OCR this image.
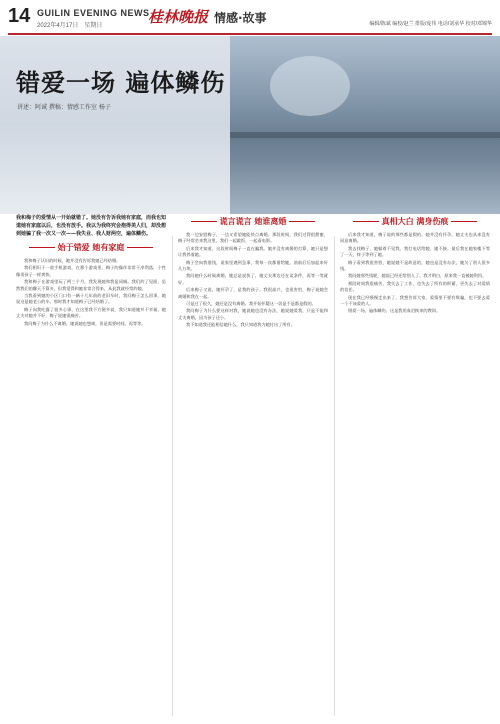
14 GUILIN EVENING NEWS
2022年4月17日 星期日	桂林晚报 情感·故事	编辑/陈斌 编校/赵兰 排版/庞伟 电话/刘承华 校对/邓锦华
错爱一场 遍体鳞伤
讲述：阿诚 撰稿：情感工作室 杨子
我和梅子的爱情从一开始就错了。她没有告诉我她有家庭，而我也知道她有家庭以后，也没有放手。我以为我终究会抱得美人归，却没想到她骗了我一次又一次——我失业、我人财两空，遍体鳞伤。
始于错爱 她有家庭
谎言谎言 她谁离婚	真相大白 满身伤痕

我和梅子认识的时候，她并没有告诉我她已经结婚。

我们相识于一款手机游戏，在那个游戏里，梅子的操作非常干净利落，个性像男孩子一样爽快。

我和梅子在游戏里玩了两三个月，我发现她和我是同城。我们约了见面，虽然我们的聊天不算多，但我觉得和她非常合得来，从此我就经常约她。

当我看到她的小区门口有一辆十几年前的老旧车时，我问梅子怎么回事，她说这是她老公的车。那时我才知道梅子已经结婚了。

梅子向我吐露了很多心事，在这里我不方便多说，我只知道她并不幸福，她丈夫对她并不好，梅子说她很痛苦。

我问梅子为什么不离婚，她说她也想离，但是需要时间，再等等。

我一边安慰梅子，一边又希望她能快点离婚。那段时间，我们过得很甜蜜，梅子经常会来我这里，我们一起做饭、一起看电影。

后来我才知道，这段时间梅子一直在骗我。她并没有离婚的打算，她只是想让我养着她。

梅子会向我借钱，说家里遇到急事，我每一次都借给她，前前后后加起来好几万块。

我问她什么时候离婚，她总是说快了，她丈夫那边还在谈条件，再等一等就好。

后来梅子又说，她怀孕了，是我的孩子。我很高兴，也很害怕，梅子说她会离婚和我在一起。

可是过了很久，她还是没有离婚。我开始怀疑这一切是不是都是假的。

我问梅子为什么要这样对我，她说她也没有办法，她说她爱我，只是不能和丈夫离婚，因为孩子还小。

我不知道我还能相信她什么，我只知道我为她付出了所有。

后来我才知道，梅子说的那些都是假的。她并没有怀孕，她丈夫也从来没有同意离婚。

我去找梅子，她躲着不见我。我打电话给她，她不接。最后我在她家楼下等了一天，终于等到了她。

梅子看到我很害怕，她说她不是故意的，她也是没有办法，她欠了别人很多钱。

我问她那些钱呢，她说已经还给别人了。我才明白，原来我一直被她利用。

那段时间我很痛苦，我失去了工作，也失去了所有的积蓄，更失去了对爱情的信任。

现在我已经慢慢走出来了，我想告诉大家，爱情里不要有欺骗，也不要去爱一个不该爱的人。

错爱一场，遍体鳞伤，这是我用血泪换来的教训。
